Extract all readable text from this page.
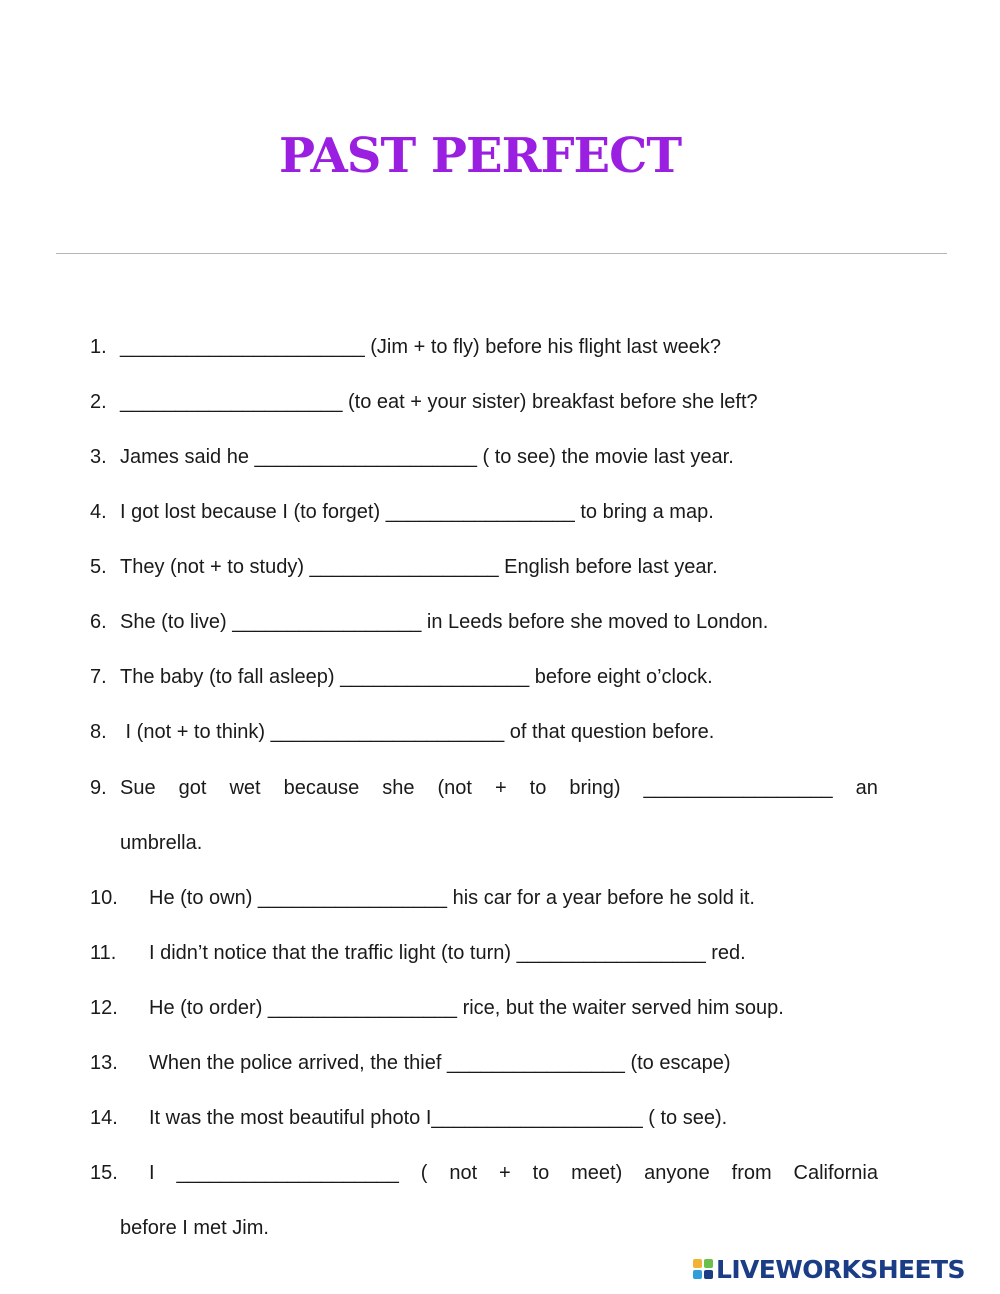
PAST PERFECT
1. ______________________ (Jim + to fly) before his flight last week?
2. ____________________ (to eat + your sister) breakfast before she left?
3. James said he ____________________ ( to see) the movie last year.
4. I got lost because I (to forget) _________________ to bring a map.
5. They (not + to study) _________________ English before last year.
6. She (to live) _________________ in Leeds before she moved to London.
7. The baby (to fall asleep) _________________ before eight o’clock.
8. I (not + to think) _____________________ of that question before.
9. Sue got wet because she (not + to bring) _________________ an
umbrella.
10. He (to own) _________________ his car for a year before he sold it.
11. I didn’t notice that the traffic light (to turn) _________________ red.
12. He (to order) _________________ rice, but the waiter served him soup.
13. When the police arrived, the thief ________________ (to escape)
14. It was the most beautiful photo I___________________ ( to see).
15. I ____________________ ( not + to meet) anyone from California
before I met Jim.
LIVEWORKSHEETS
